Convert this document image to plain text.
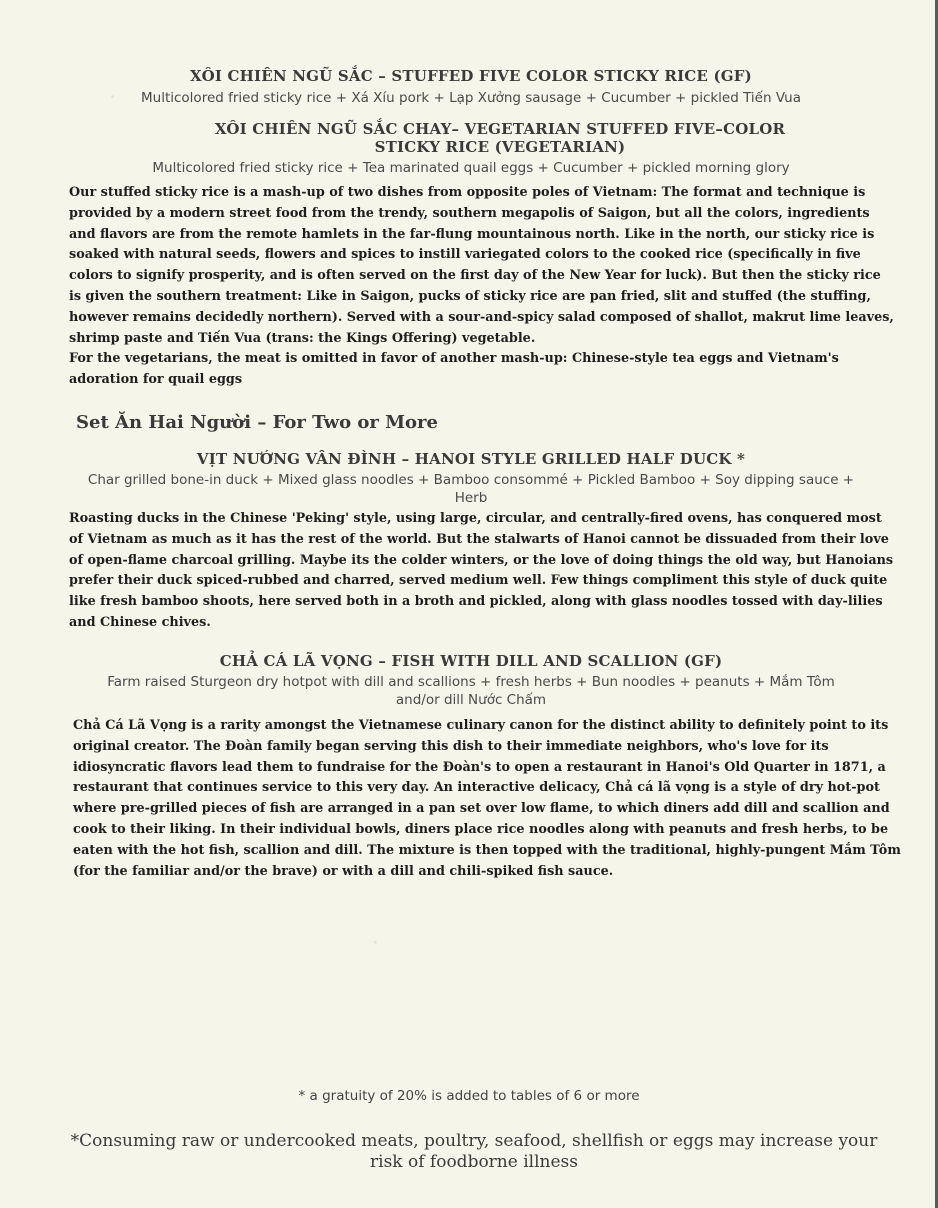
XÔI CHIÊN NGŨ SẮC – STUFFED FIVE COLOR STICKY RICE (GF)

Multicolored fried sticky rice + Xá Xíu pork + Lạp Xưởng sausage + Cucumber + pickled Tiến Vua

XÔI CHIÊN NGŨ SẮC CHAY– VEGETARIAN STUFFED FIVE–COLOR STICKY RICE (VEGETARIAN)

Multicolored fried sticky rice + Tea marinated quail eggs + Cucumber + pickled morning glory

Our stuffed sticky rice is a mash-up of two dishes from opposite poles of Vietnam: The format and technique is provided by a modern street food from the trendy, southern megapolis of Saigon, but all the colors, ingredients and flavors are from the remote hamlets in the far-flung mountainous north. Like in the north, our sticky rice is soaked with natural seeds, flowers and spices to instill variegated colors to the cooked rice (specifically in five colors to signify prosperity, and is often served on the first day of the New Year for luck). But then the sticky rice is given the southern treatment: Like in Saigon, pucks of sticky rice are pan fried, slit and stuffed (the stuffing, however remains decidedly northern). Served with a sour-and-spicy salad composed of shallot, makrut lime leaves, shrimp paste and Tiến Vua (trans: the Kings Offering) vegetable.

For the vegetarians, the meat is omitted in favor of another mash-up: Chinese-style tea eggs and Vietnam's adoration for quail eggs

Set Ăn Hai Người – For Two or More
VỊT NƯỚNG VÂN ĐÌNH – HANOI STYLE GRILLED HALF DUCK *

Char grilled bone-in duck + Mixed glass noodles + Bamboo consommé + Pickled Bamboo + Soy dipping sauce + Herb

Roasting ducks in the Chinese 'Peking' style, using large, circular, and centrally-fired ovens, has conquered most of Vietnam as much as it has the rest of the world. But the stalwarts of Hanoi cannot be dissuaded from their love of open-flame charcoal grilling. Maybe its the colder winters, or the love of doing things the old way, but Hanoians prefer their duck spiced-rubbed and charred, served medium well. Few things compliment this style of duck quite like fresh bamboo shoots, here served both in a broth and pickled, along with glass noodles tossed with day-lilies and Chinese chives.

CHẢ CÁ LÃ VỌNG – FISH WITH DILL AND SCALLION (GF)

Farm raised Sturgeon dry hotpot with dill and scallions + fresh herbs + Bun noodles + peanuts + Mắm Tôm and/or dill Nước Chấm

Chả Cá Lã Vọng is a rarity amongst the Vietnamese culinary canon for the distinct ability to definitely point to its original creator. The Đoàn family began serving this dish to their immediate neighbors, who's love for its idiosyncratic flavors lead them to fundraise for the Đoàn's to open a restaurant in Hanoi's Old Quarter in 1871, a restaurant that continues service to this very day. An interactive delicacy, Chả cá lã vọng is a style of dry hot-pot where pre-grilled pieces of fish are arranged in a pan set over low flame, to which diners add dill and scallion and cook to their liking. In their individual bowls, diners place rice noodles along with peanuts and fresh herbs, to be eaten with the hot fish, scallion and dill. The mixture is then topped with the traditional, highly-pungent Mắm Tôm (for the familiar and/or the brave) or with a dill and chili-spiked fish sauce.

* a gratuity of 20% is added to tables of 6 or more
*Consuming raw or undercooked meats, poultry, seafood, shellfish or eggs may increase your risk of foodborne illness
